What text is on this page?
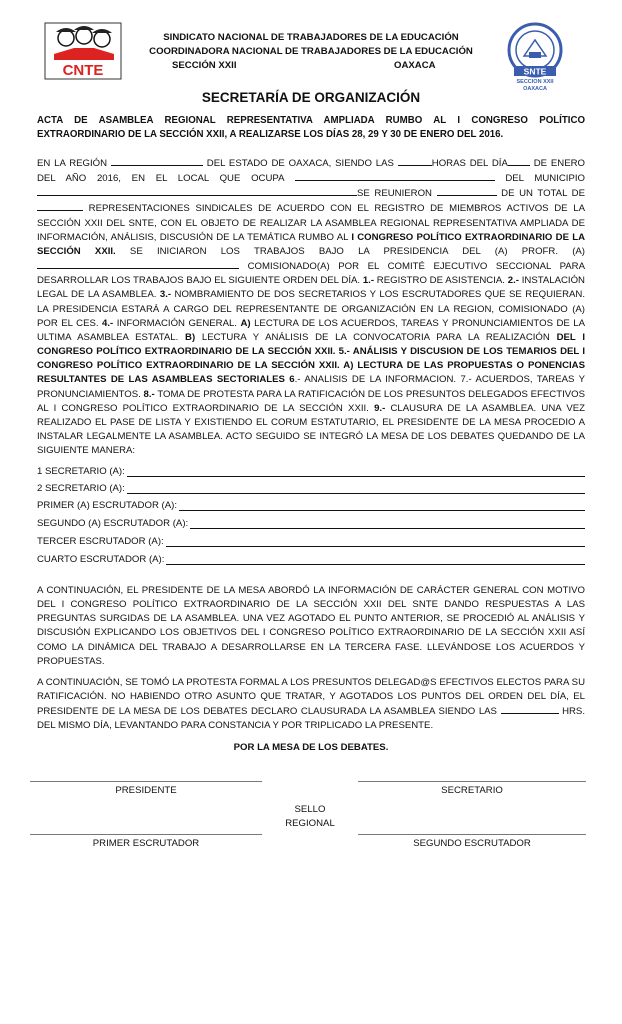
CNTE	SNTE
SECCION XXII
OAXACA
SINDICATO NACIONAL DE TRABAJADORES DE LA EDUCACIÓN
COORDINADORA NACIONAL DE TRABAJADORES DE LA EDUCACIÓN
SECCIÓN XXII	OAXACA
SECRETARÍA DE ORGANIZACIÓN
ACTA DE ASAMBLEA REGIONAL REPRESENTATIVA AMPLIADA RUMBO AL I CONGRESO POLÍTICO EXTRAORDINARIO DE LA SECCIÓN XXII, A REALIZARSE LOS DÍAS 28, 29 Y 30 DE ENERO DEL 2016.
EN LA REGIÓN	DEL ESTADO DE OAXACA, SIENDO LAS	HORAS DEL DÍA DE ENERO DEL AÑO 2016, EN EL LOCAL QUE OCUPA	DEL MUNICIPIO SE REUNIERON	DE UN TOTAL DE  REPRESENTACIONES SINDICALES DE ACUERDO CON EL REGISTRO DE MIEMBROS ACTIVOS DE LA SECCIÓN XXII DEL SNTE, CON EL OBJETO DE REALIZAR LA ASAMBLEA REGIONAL REPRESENTATIVA AMPLIADA DE INFORMACIÓN, ANÁLISIS, DISCUSIÓN DE LA TEMÁTICA RUMBO AL I CONGRESO POLÍTICO EXTRAORDINARIO DE LA SECCIÓN XXII. SE INICIARON LOS TRABAJOS BAJO LA PRESIDENCIA DEL (A) PROFR. (A)  COMISIONADO(A) POR EL COMITÉ EJECUTIVO SECCIONAL PARA DESARROLLAR LOS TRABAJOS BAJO EL SIGUIENTE ORDEN DEL DÍA. 1.- REGISTRO DE ASISTENCIA. 2.- INSTALACIÓN LEGAL DE LA ASAMBLEA. 3.- NOMBRAMIENTO DE DOS SECRETARIOS Y LOS ESCRUTADORES QUE SE REQUIERAN. LA PRESIDENCIA ESTARÁ A CARGO DEL REPRESENTANTE DE ORGANIZACIÓN EN LA REGION, COMISIONADO (A) POR EL CES. 4.- INFORMACIÓN GENERAL. A) LECTURA DE LOS ACUERDOS, TAREAS Y PRONUNCIAMIENTOS DE LA ULTIMA ASAMBLEA ESTATAL. B) LECTURA Y ANÁLISIS DE LA CONVOCATORIA PARA LA REALIZACIÓN DEL I CONGRESO POLÍTICO EXTRAORDINARIO DE LA SECCIÓN XXII. 5.- ANÁLISIS Y DISCUSION DE LOS TEMARIOS DEL I CONGRESO POLÍTICO EXTRAORDINARIO DE LA SECCIÓN XXII. A) LECTURA DE LAS PROPUESTAS O PONENCIAS RESULTANTES DE LAS ASAMBLEAS SECTORIALES 6.- ANALISIS DE LA INFORMACION. 7.- ACUERDOS, TAREAS Y PRONUNCIAMIENTOS. 8.- TOMA DE PROTESTA PARA LA RATIFICACIÓN DE LOS PRESUNTOS DELEGADOS EFECTIVOS AL I CONGRESO POLÍTICO EXTRAORDINARIO DE LA SECCIÓN XXII. 9.- CLAUSURA DE LA ASAMBLEA. UNA VEZ REALIZADO EL PASE DE LISTA Y EXISTIENDO EL CORUM ESTATUTARIO, EL PRESIDENTE DE LA MESA PROCEDIO A INSTALAR LEGALMENTE LA ASAMBLEA. ACTO SEGUIDO SE INTEGRÓ LA MESA DE LOS DEBATES QUEDANDO DE LA SIGUIENTE MANERA:
1 SECRETARIO (A):
2 SECRETARIO (A):
PRIMER (A) ESCRUTADOR (A):
SEGUNDO (A) ESCRUTADOR (A):
TERCER ESCRUTADOR (A):
CUARTO ESCRUTADOR (A):
A CONTINUACIÓN, EL PRESIDENTE DE LA MESA ABORDÓ LA INFORMACIÓN DE CARÁCTER GENERAL CON MOTIVO DEL I CONGRESO POLÍTICO EXTRAORDINARIO DE LA SECCIÓN XXII DEL SNTE DANDO RESPUESTAS A LAS PREGUNTAS SURGIDAS DE LA ASAMBLEA. UNA VEZ AGOTADO EL PUNTO ANTERIOR, SE PROCEDIÓ AL ANÁLISIS Y DISCUSIÓN EXPLICANDO LOS OBJETIVOS DEL I CONGRESO POLÍTICO EXTRAORDINARIO DE LA SECCIÓN XXII ASÍ COMO LA DINÁMICA DEL TRABAJO A DESARROLLARSE EN LA TERCERA FASE. LLEVÁNDOSE LOS ACUERDOS Y PROPUESTAS.
A CONTINUACIÓN, SE TOMÓ LA PROTESTA FORMAL A LOS PRESUNTOS DELEGAD@S EFECTIVOS ELECTOS PARA SU RATIFICACIÓN. NO HABIENDO OTRO ASUNTO QUE TRATAR, Y AGOTADOS LOS PUNTOS DEL ORDEN DEL DÍA, EL PRESIDENTE DE LA MESA DE LOS DEBATES DECLARO CLAUSURADA LA ASAMBLEA SIENDO LAS	HRS. DEL MISMO DÍA, LEVANTANDO PARA CONSTANCIA Y POR TRIPLICADO LA PRESENTE.
POR LA MESA DE LOS DEBATES.
PRESIDENTE	SECRETARIO
SELLO
REGIONAL
PRIMER ESCRUTADOR	SEGUNDO ESCRUTADOR
